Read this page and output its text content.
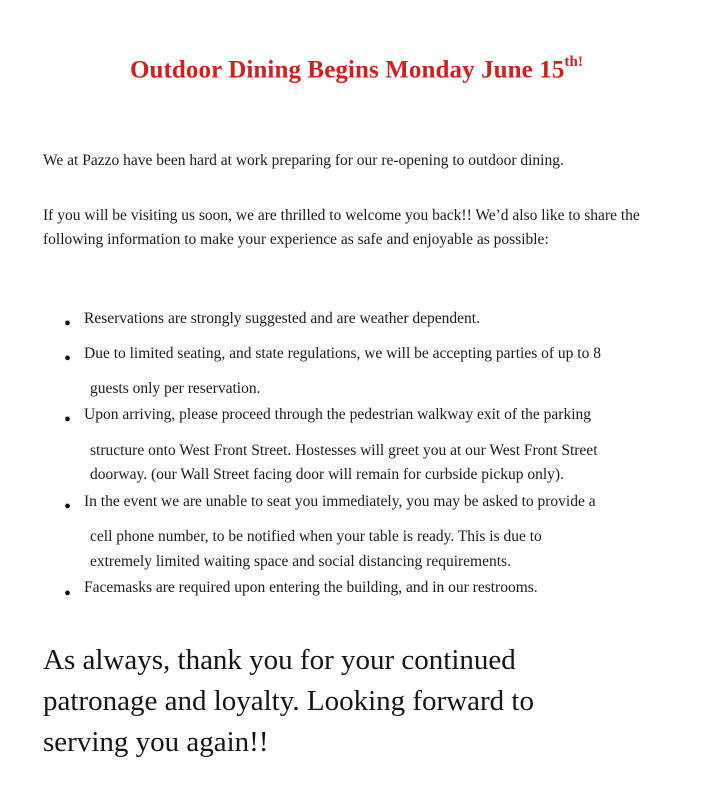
Outdoor Dining Begins Monday June $15^{th!}$
We at Pazzo have been hard at work preparing for our re-opening to outdoor dining.
If you will be visiting us soon, we are thrilled to welcome you back!! We’d also like to share the following information to make your experience as safe and enjoyable as possible:
• Reservations are strongly suggested and are weather dependent.
• Due to limited seating, and state regulations, we will be accepting parties of up to 8
guests only per reservation.
• Upon arriving, please proceed through the pedestrian walkway exit of the parking
structure onto West Front Street. Hostesses will greet you at our West Front Street
doorway. (our Wall Street facing door will remain for curbside pickup only).
• In the event we are unable to seat you immediately, you may be asked to provide a
cell phone number, to be notified when your table is ready. This is due to
extremely limited waiting space and social distancing requirements.
• Facemasks are required upon entering the building, and in our restrooms.
As always, thank you for your continued
patronage and loyalty. Looking forward to
serving you again!!
